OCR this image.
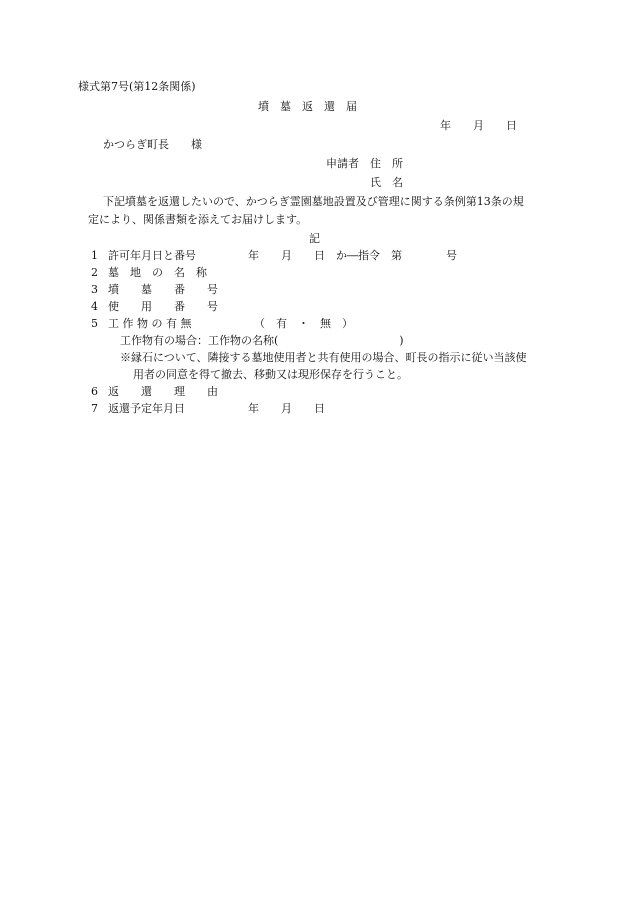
様式第7号(第12条関係)
墳　墓　返　還　届
年　　月　　日
かつらぎ町長　　様
申請者　住　所
氏　名
下記墳墓を返還したいので、かつらぎ霊園墓地設置及び管理に関する条例第13条の規
定により、関係書類を添えてお届けします。
記
1 許可年月日と番号	年　　月　　日　か―指令　第　　　　号
2 墓　地　の　名　称
3 墳　　墓　　番　　号
4 使　　用　　番　　号
5 工 作 物 の 有 無	（　有　・　無　）
工作物有の場合：工作物の名称(　　　　　　　　　　　)
※縁石について、隣接する墓地使用者と共有使用の場合、町長の指示に従い当該使
用者の同意を得て撤去、移動又は現形保存を行うこと。
6 返　　還　　理　　由
7 返還予定年月日	年　　月　　日
